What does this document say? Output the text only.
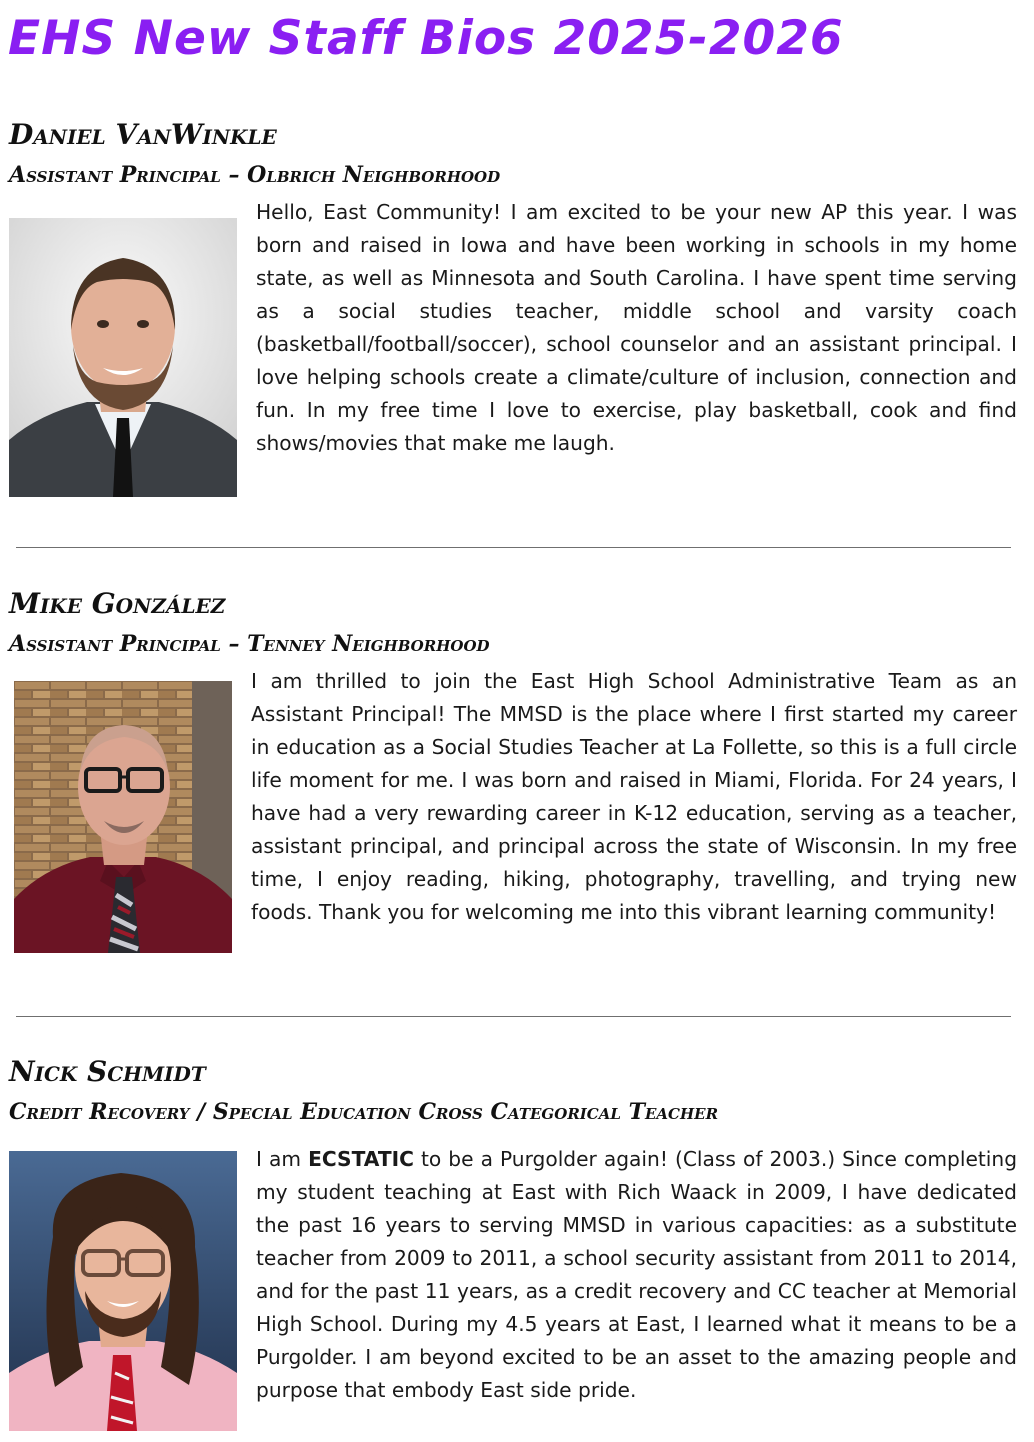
EHS New Staff Bios 2025-2026
Daniel VanWinkle
Assistant Principal – Olbrich Neighborhood

Hello, East Community! I am excited to be your new AP this year. I was born and raised in Iowa and have been working in schools in my home state, as well as Minnesota and South Carolina. I have spent time serving as a social studies teacher, middle school and varsity coach (basketball/football/soccer), school counselor and an assistant principal. I love helping schools create a climate/culture of inclusion, connection and fun. In my free time I love to exercise, play basketball, cook and find shows/movies that make me laugh.

Mike González
Assistant Principal – Tenney Neighborhood

I am thrilled to join the East High School Administrative Team as an Assistant Principal! The MMSD is the place where I first started my career in education as a Social Studies Teacher at La Follette, so this is a full circle life moment for me. I was born and raised in Miami, Florida. For 24 years, I have had a very rewarding career in K-12 education, serving as a teacher, assistant principal, and principal across the state of Wisconsin. In my free time, I enjoy reading, hiking, photography, travelling, and trying new foods. Thank you for welcoming me into this vibrant learning community!

Nick Schmidt
Credit Recovery / Special Education Cross Categorical Teacher

I am ECSTATIC to be a Purgolder again! (Class of 2003.) Since completing my student teaching at East with Rich Waack in 2009, I have dedicated the past 16 years to serving MMSD in various capacities: as a substitute teacher from 2009 to 2011, a school security assistant from 2011 to 2014, and for the past 11 years, as a credit recovery and CC teacher at Memorial High School. During my 4.5 years at East, I learned what it means to be a Purgolder. I am beyond excited to be an asset to the amazing people and purpose that embody East side pride.
